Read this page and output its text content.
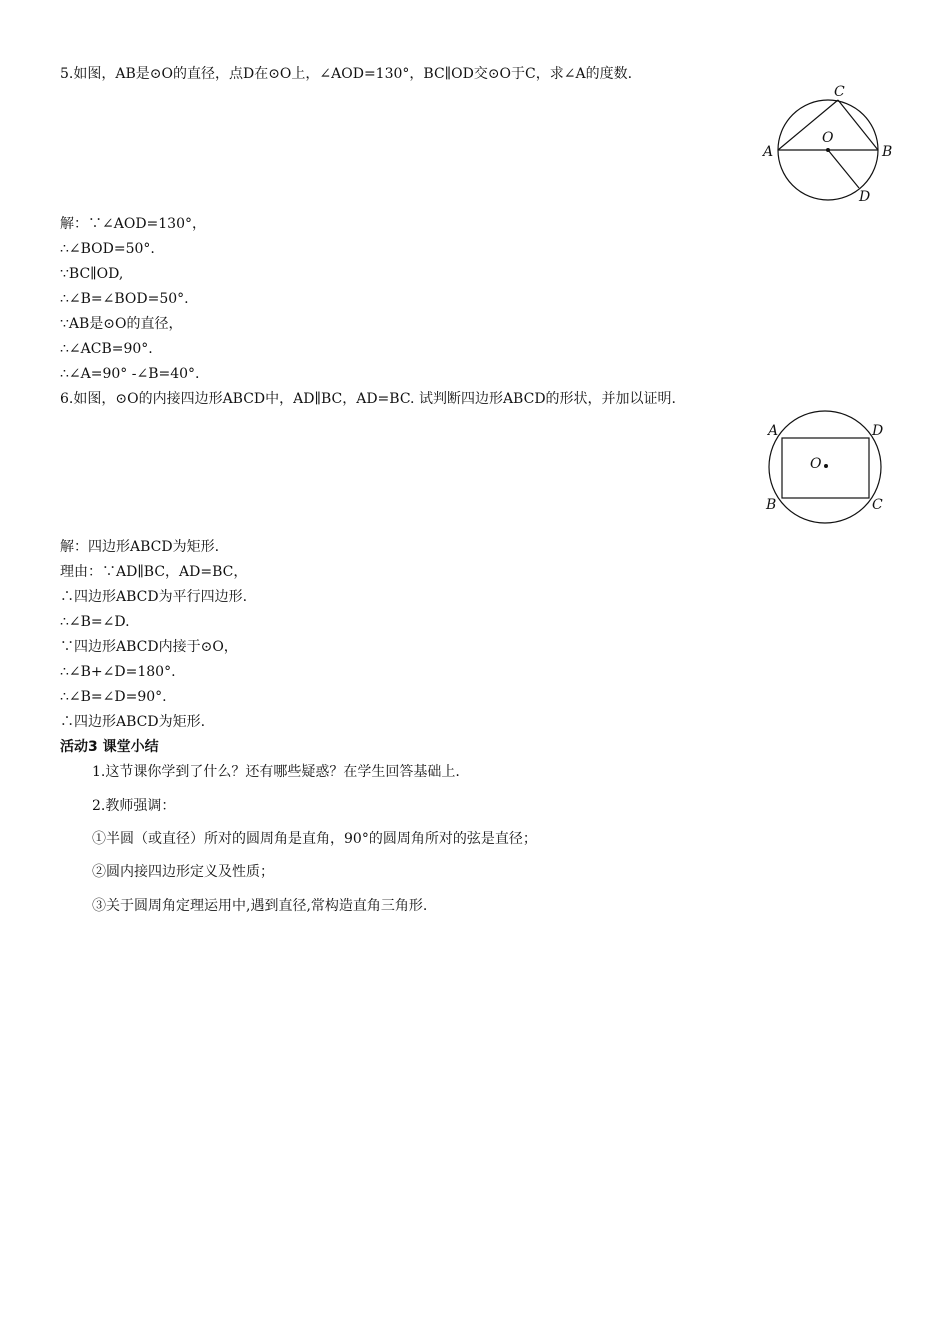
5.如图，AB是⊙O的直径，点D在⊙O上，∠AOD=130°，BC∥OD交⊙O于C，求∠A的度数.
A	B
C
D
O
解：∵∠AOD=130°，
∴∠BOD=50°.
∵BC∥OD,
∴∠B=∠BOD=50°.
∵AB是⊙O的直径，
∴∠ACB=90°.
∴∠A=90° -∠B=40°.
6.如图，⊙O的内接四边形ABCD中，AD∥BC，AD=BC. 试判断四边形ABCD的形状，并加以证明.
A	D
B	C
O
解：四边形ABCD为矩形.
理由：∵AD∥BC，AD=BC，
∴四边形ABCD为平行四边形.
∴∠B=∠D.
∵四边形ABCD内接于⊙O，
∴∠B+∠D=180°.
∴∠B=∠D=90°.
∴四边形ABCD为矩形.
活动3 课堂小结
1.这节课你学到了什么？还有哪些疑惑？在学生回答基础上.
2.教师强调：
①半圆（或直径）所对的圆周角是直角，90°的圆周角所对的弦是直径；
②圆内接四边形定义及性质；
③关于圆周角定理运用中,遇到直径,常构造直角三角形.
